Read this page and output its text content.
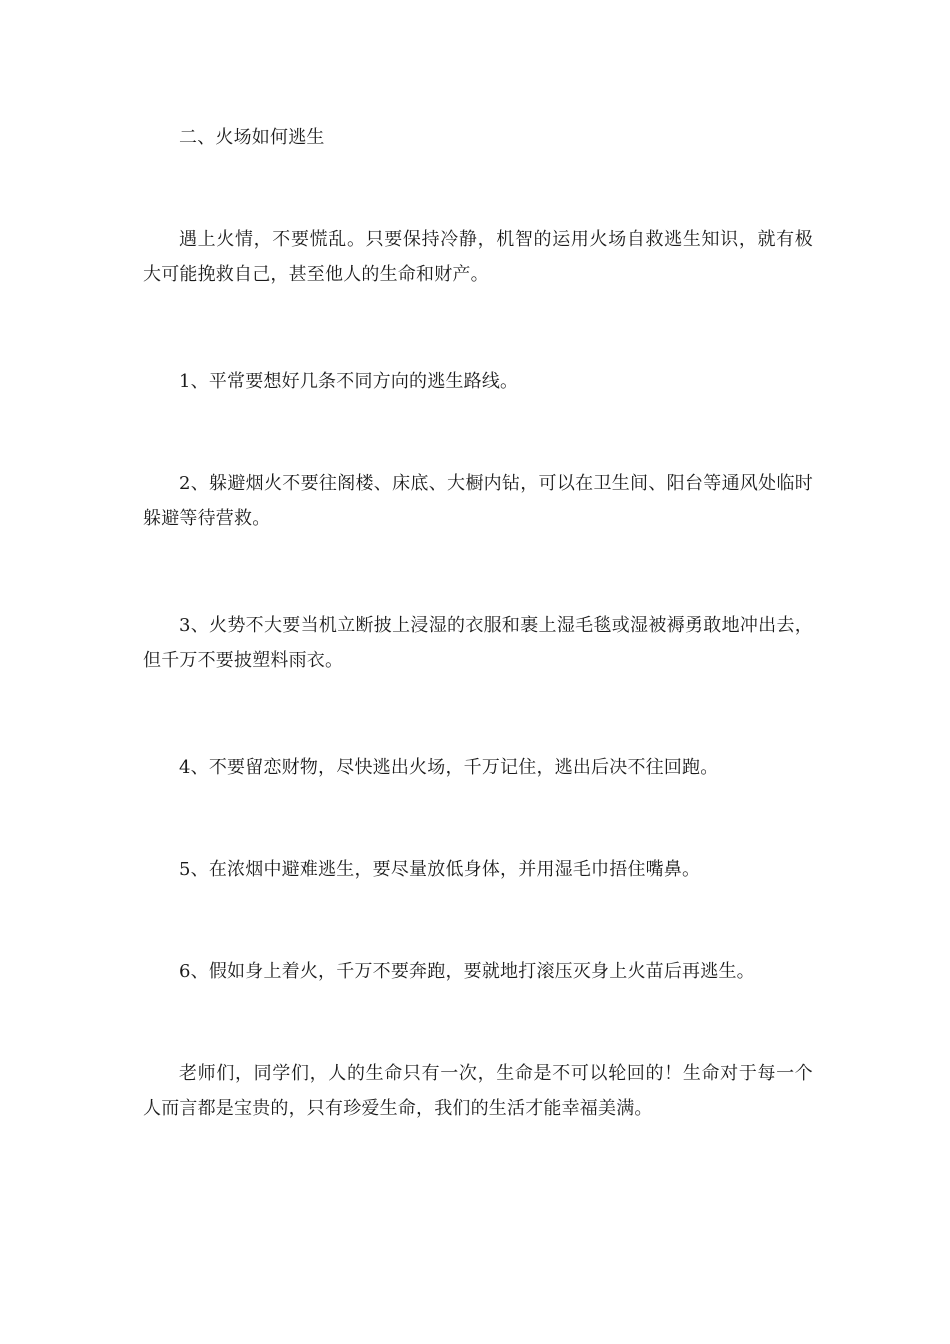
二、火场如何逃生

遇上火情，不要慌乱。只要保持冷静，机智的运用火场自救逃生知识，就有极大可能挽救自己，甚至他人的生命和财产。

1、平常要想好几条不同方向的逃生路线。

2、躲避烟火不要往阁楼、床底、大橱内钻，可以在卫生间、阳台等通风处临时躲避等待营救。

3、火势不大要当机立断披上浸湿的衣服和裹上湿毛毯或湿被褥勇敢地冲出去，但千万不要披塑料雨衣。

4、不要留恋财物，尽快逃出火场，千万记住，逃出后决不往回跑。

5、在浓烟中避难逃生，要尽量放低身体，并用湿毛巾捂住嘴鼻。

6、假如身上着火，千万不要奔跑，要就地打滚压灭身上火苗后再逃生。

老师们，同学们，人的生命只有一次，生命是不可以轮回的！生命对于每一个人而言都是宝贵的，只有珍爱生命，我们的生活才能幸福美满。
